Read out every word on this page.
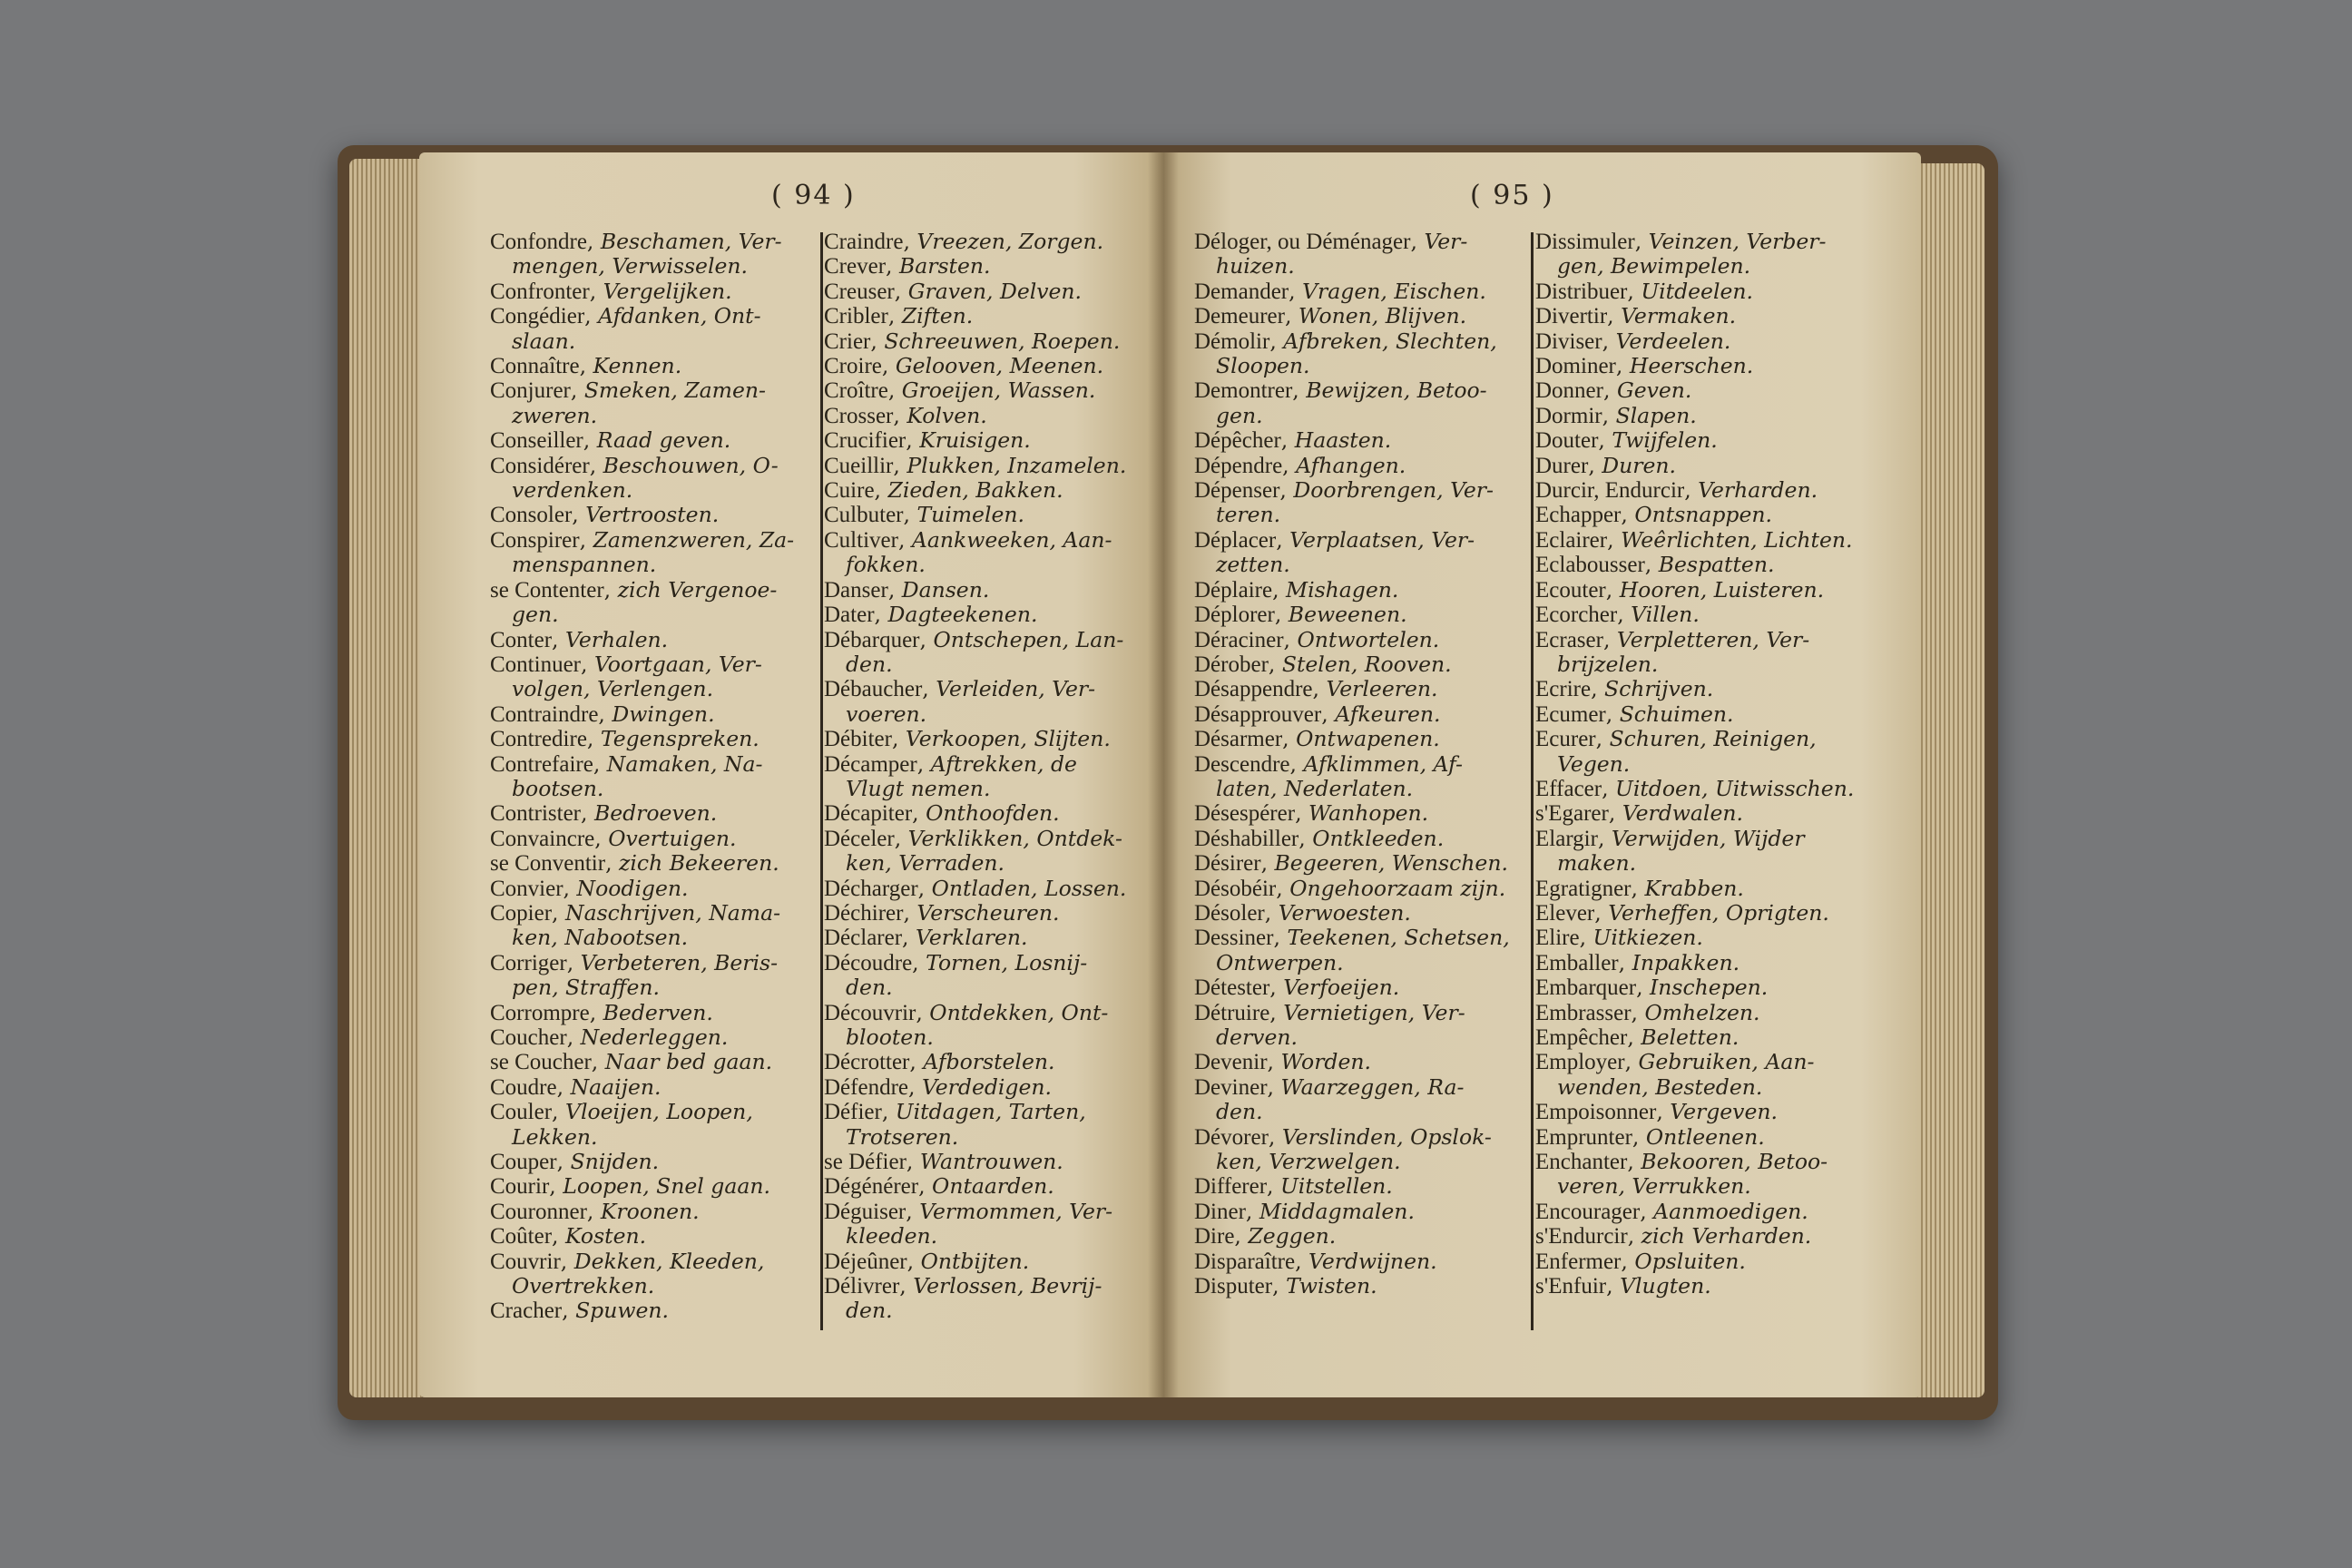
( 94 )
Confondre, Beschamen, Ver-
mengen, Verwisselen.
Confronter, Vergelijken.
Congédier, Afdanken, Ont-
slaan.
Connaître, Kennen.
Conjurer, Smeken, Zamen-
zweren.
Conseiller, Raad geven.
Considérer, Beschouwen, O-
verdenken.
Consoler, Vertroosten.
Conspirer, Zamenzweren, Za-
menspannen.
se Contenter, zich Vergenoe-
gen.
Conter, Verhalen.
Continuer, Voortgaan, Ver-
volgen, Verlengen.
Contraindre, Dwingen.
Contredire, Tegenspreken.
Contrefaire, Namaken, Na-
bootsen.
Contrister, Bedroeven.
Convaincre, Overtuigen.
se Conventir, zich Bekeeren.
Convier, Noodigen.
Copier, Naschrijven, Nama-
ken, Nabootsen.
Corriger, Verbeteren, Beris-
pen, Straffen.
Corrompre, Bederven.
Coucher, Nederleggen.
se Coucher, Naar bed gaan.
Coudre, Naaijen.
Couler, Vloeijen, Loopen,
Lekken.
Couper, Snijden.
Courir, Loopen, Snel gaan.
Couronner, Kroonen.
Coûter, Kosten.
Couvrir, Dekken, Kleeden,
Overtrekken.
Cracher, Spuwen.
Craindre, Vreezen, Zorgen.
Crever, Barsten.
Creuser, Graven, Delven.
Cribler, Ziften.
Crier, Schreeuwen, Roepen.
Croire, Gelooven, Meenen.
Croître, Groeijen, Wassen.
Crosser, Kolven.
Crucifier, Kruisigen.
Cueillir, Plukken, Inzamelen.
Cuire, Zieden, Bakken.
Culbuter, Tuimelen.
Cultiver, Aankweeken, Aan-
fokken.
Danser, Dansen.
Dater, Dagteekenen.
Débarquer, Ontschepen, Lan-
den.
Débaucher, Verleiden, Ver-
voeren.
Débiter, Verkoopen, Slijten.
Décamper, Aftrekken, de
Vlugt nemen.
Décapiter, Onthoofden.
Déceler, Verklikken, Ontdek-
ken, Verraden.
Décharger, Ontladen, Lossen.
Déchirer, Verscheuren.
Déclarer, Verklaren.
Découdre, Tornen, Losnij-
den.
Découvrir, Ontdekken, Ont-
blooten.
Décrotter, Afborstelen.
Défendre, Verdedigen.
Défier, Uitdagen, Tarten,
Trotseren.
se Défier, Wantrouwen.
Dégénérer, Ontaarden.
Déguiser, Vermommen, Ver-
kleeden.
Déjeûner, Ontbijten.
Délivrer, Verlossen, Bevrij-
den.
( 95 )
Déloger, ou Déménager, Ver-
huizen.
Demander, Vragen, Eischen.
Demeurer, Wonen, Blijven.
Démolir, Afbreken, Slechten,
Sloopen.
Demontrer, Bewijzen, Betoo-
gen.
Dépêcher, Haasten.
Dépendre, Afhangen.
Dépenser, Doorbrengen, Ver-
teren.
Déplacer, Verplaatsen, Ver-
zetten.
Déplaire, Mishagen.
Déplorer, Beweenen.
Déraciner, Ontwortelen.
Dérober, Stelen, Rooven.
Désappendre, Verleeren.
Désapprouver, Afkeuren.
Désarmer, Ontwapenen.
Descendre, Afklimmen, Af-
laten, Nederlaten.
Désespérer, Wanhopen.
Déshabiller, Ontkleeden.
Désirer, Begeeren, Wenschen.
Désobéir, Ongehoorzaam zijn.
Désoler, Verwoesten.
Dessiner, Teekenen, Schetsen,
Ontwerpen.
Détester, Verfoeijen.
Détruire, Vernietigen, Ver-
derven.
Devenir, Worden.
Deviner, Waarzeggen, Ra-
den.
Dévorer, Verslinden, Opslok-
ken, Verzwelgen.
Differer, Uitstellen.
Diner, Middagmalen.
Dire, Zeggen.
Disparaître, Verdwijnen.
Disputer, Twisten.
Dissimuler, Veinzen, Verber-
gen, Bewimpelen.
Distribuer, Uitdeelen.
Divertir, Vermaken.
Diviser, Verdeelen.
Dominer, Heerschen.
Donner, Geven.
Dormir, Slapen.
Douter, Twijfelen.
Durer, Duren.
Durcir, Endurcir, Verharden.
Echapper, Ontsnappen.
Eclairer, Weêrlichten, Lichten.
Eclabousser, Bespatten.
Ecouter, Hooren, Luisteren.
Ecorcher, Villen.
Ecraser, Verpletteren, Ver-
brijzelen.
Ecrire, Schrijven.
Ecumer, Schuimen.
Ecurer, Schuren, Reinigen,
Vegen.
Effacer, Uitdoen, Uitwisschen.
s'Egarer, Verdwalen.
Elargir, Verwijden, Wijder
maken.
Egratigner, Krabben.
Elever, Verheffen, Oprigten.
Elire, Uitkiezen.
Emballer, Inpakken.
Embarquer, Inschepen.
Embrasser, Omhelzen.
Empêcher, Beletten.
Employer, Gebruiken, Aan-
wenden, Besteden.
Empoisonner, Vergeven.
Emprunter, Ontleenen.
Enchanter, Bekooren, Betoo-
veren, Verrukken.
Encourager, Aanmoedigen.
s'Endurcir, zich Verharden.
Enfermer, Opsluiten.
s'Enfuir, Vlugten.
